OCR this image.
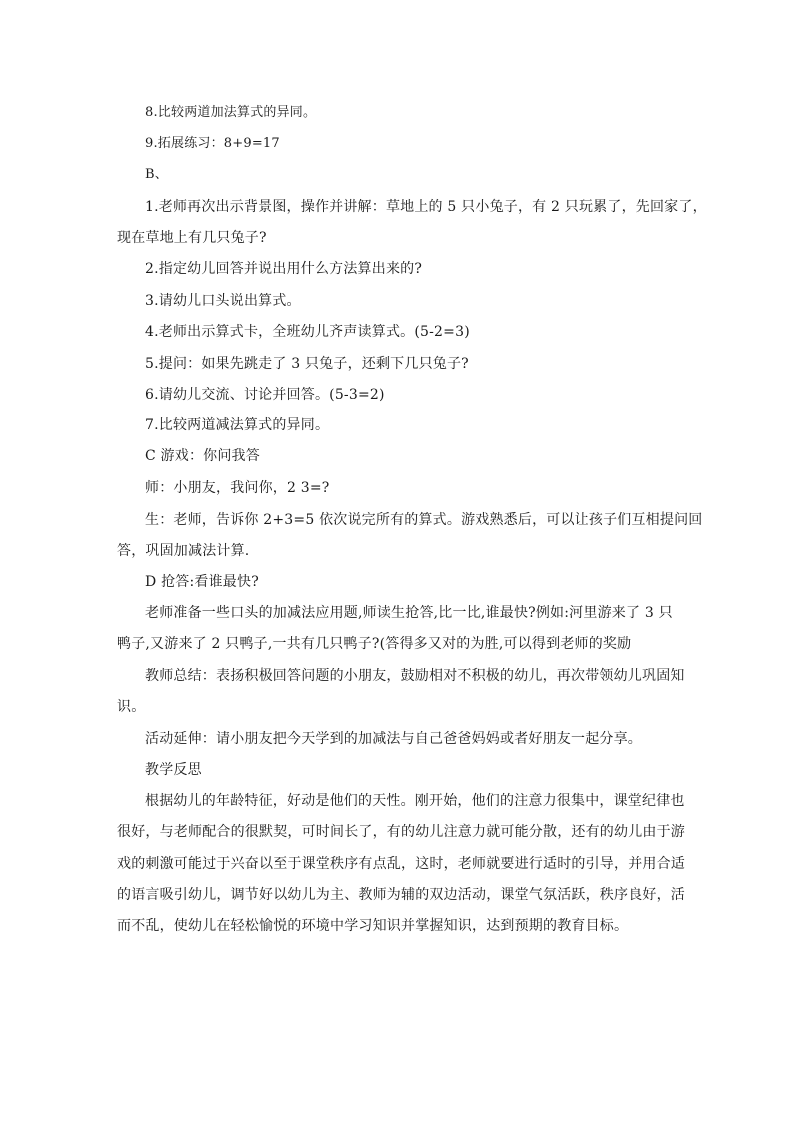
8.比较两道加法算式的异同。
9.拓展练习：8+9=17
B、
1.老师再次出示背景图，操作并讲解：草地上的 5 只小兔子，有 2 只玩累了，先回家了，
现在草地上有几只兔子?
2.指定幼儿回答并说出用什么方法算出来的?
3.请幼儿口头说出算式。
4.老师出示算式卡，全班幼儿齐声读算式。(5-2=3)
5.提问：如果先跳走了 3 只兔子，还剩下几只兔子?
6.请幼儿交流、讨论并回答。(5-3=2)
7.比较两道减法算式的异同。
C 游戏：你问我答
师：小朋友，我问你，2 3=?
生：老师，告诉你 2+3=5 依次说完所有的算式。游戏熟悉后，可以让孩子们互相提问回
答，巩固加减法计算.
D 抢答:看谁最快?
老师准备一些口头的加减法应用题,师读生抢答,比一比,谁最快?例如:河里游来了 3 只
鸭子,又游来了 2 只鸭子,一共有几只鸭子?(答得多又对的为胜,可以得到老师的奖励
教师总结：表扬积极回答问题的小朋友，鼓励相对不积极的幼儿，再次带领幼儿巩固知
识。
活动延伸：请小朋友把今天学到的加减法与自己爸爸妈妈或者好朋友一起分享。
教学反思
根据幼儿的年龄特征，好动是他们的天性。刚开始，他们的注意力很集中，课堂纪律也
很好，与老师配合的很默契，可时间长了，有的幼儿注意力就可能分散，还有的幼儿由于游
戏的刺激可能过于兴奋以至于课堂秩序有点乱，这时，老师就要进行适时的引导，并用合适
的语言吸引幼儿，调节好以幼儿为主、教师为辅的双边活动，课堂气氛活跃，秩序良好，活
而不乱，使幼儿在轻松愉悦的环境中学习知识并掌握知识，达到预期的教育目标。
